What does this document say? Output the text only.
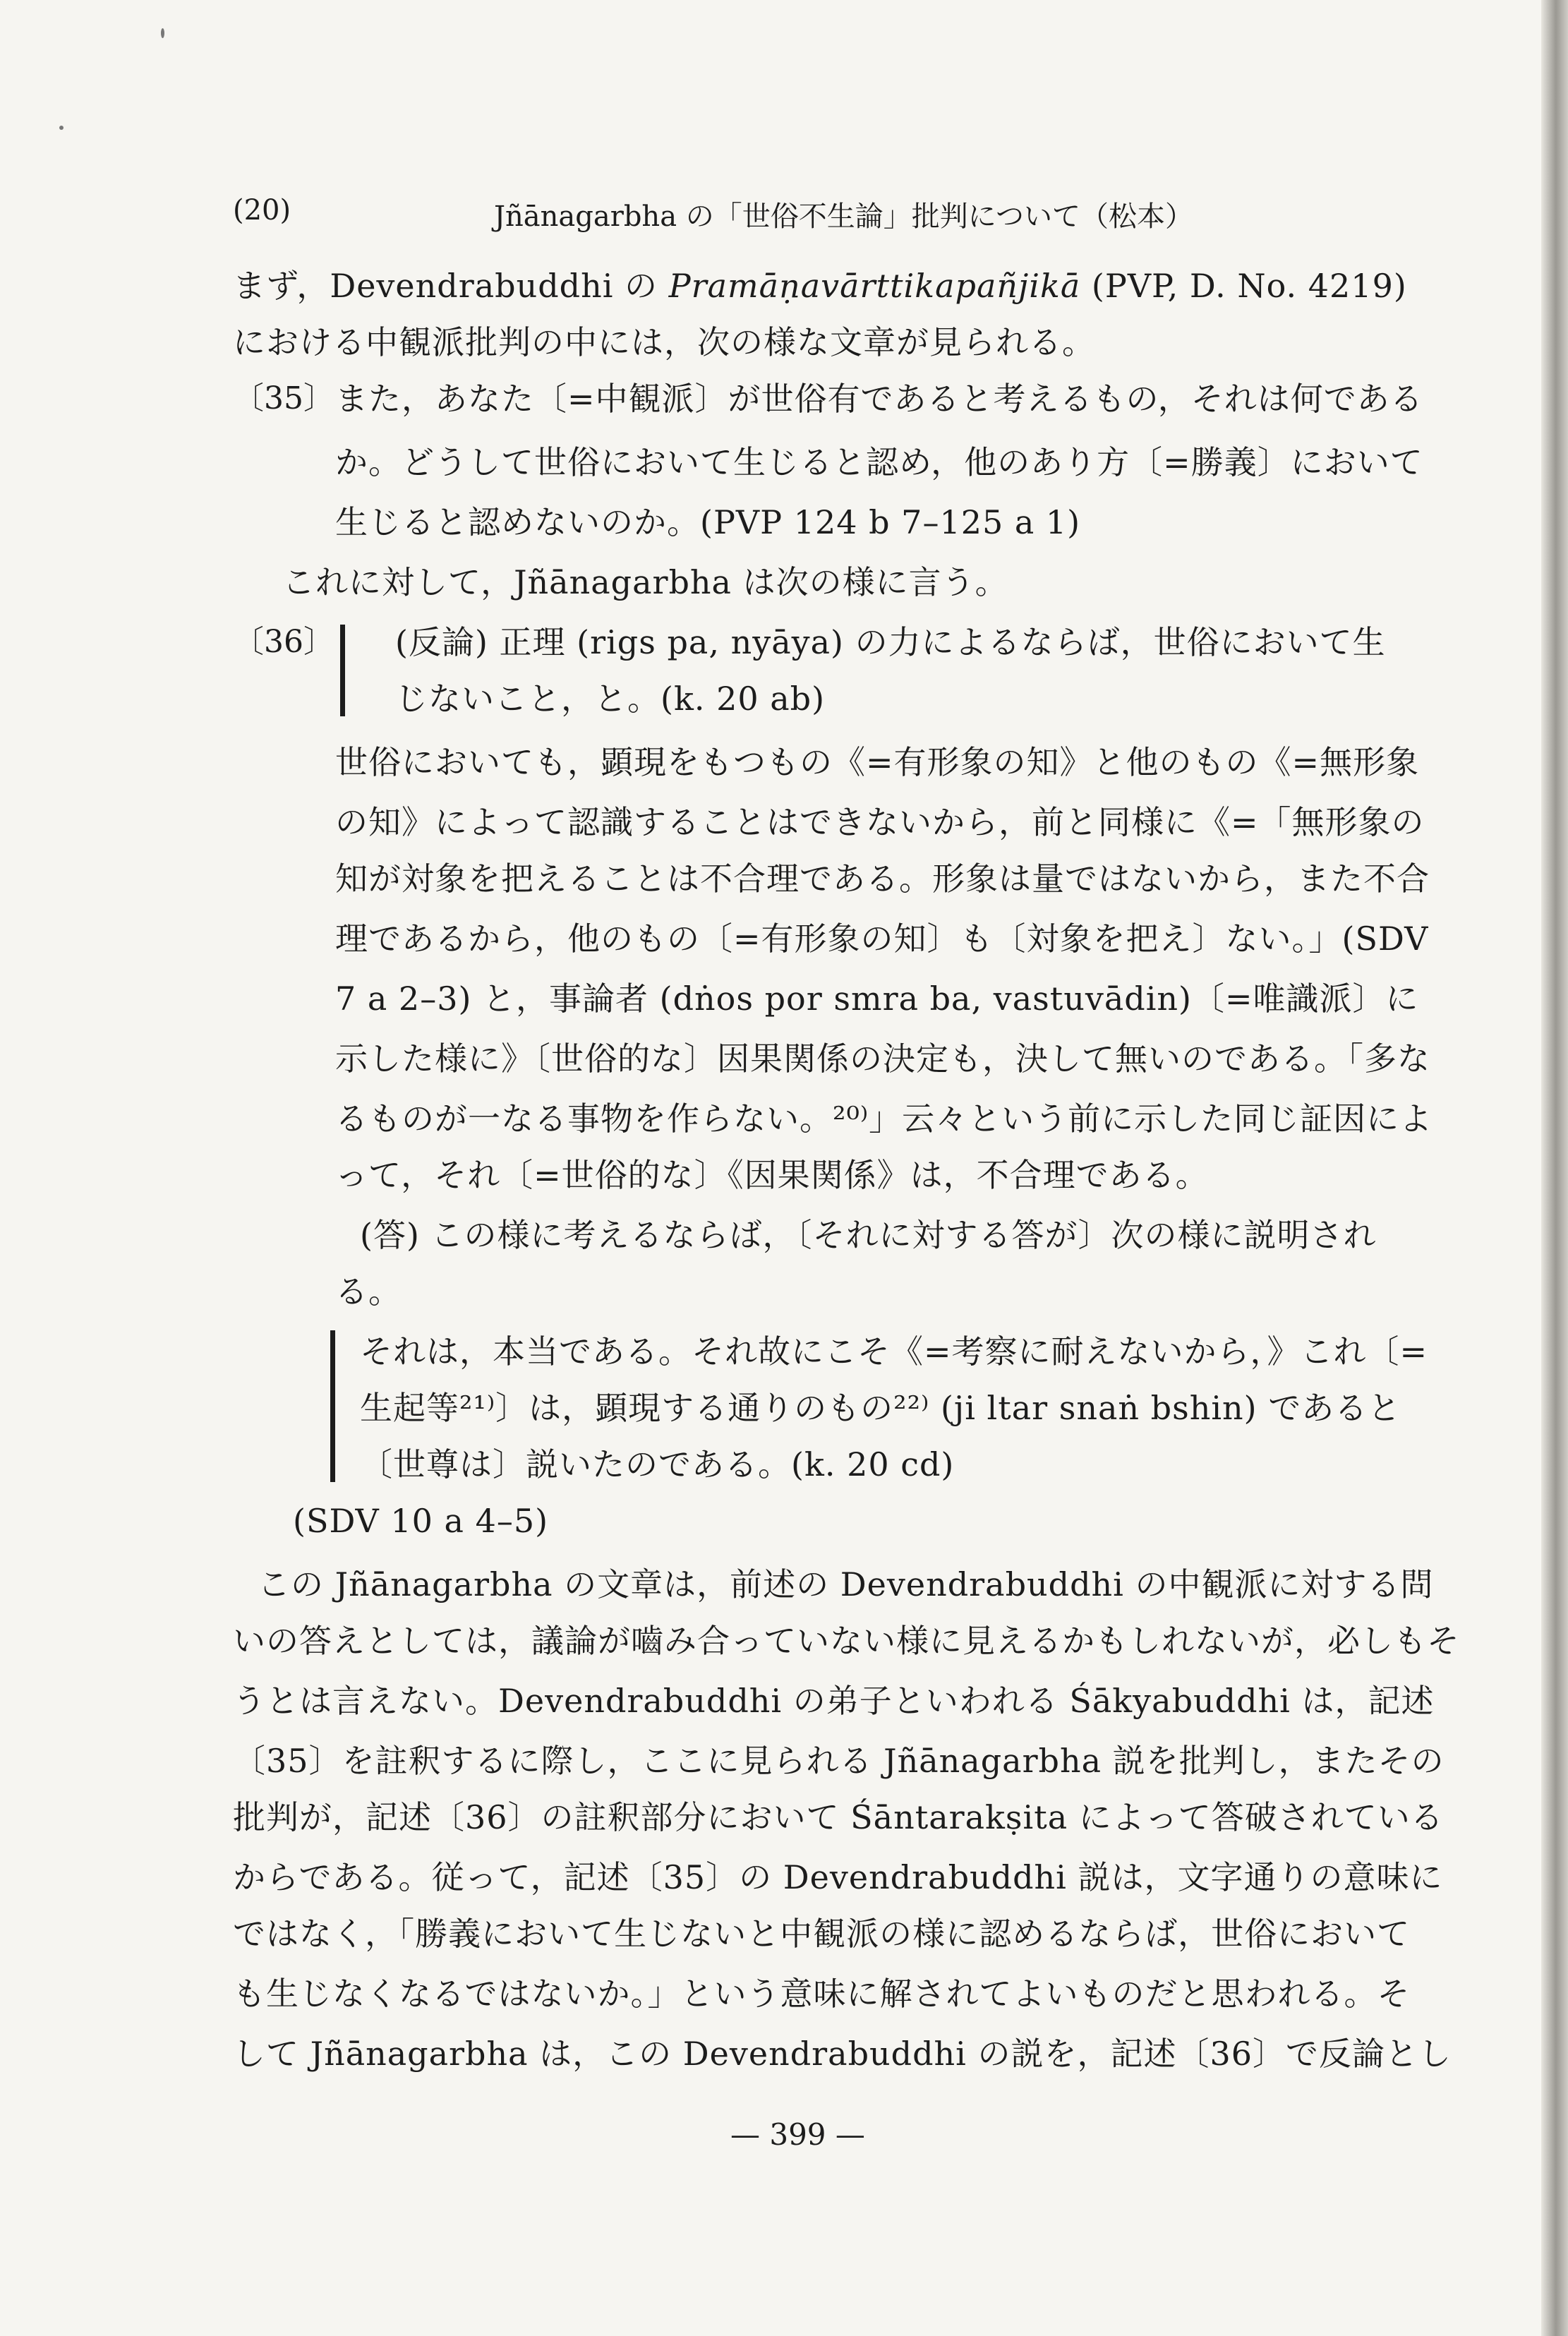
(20)	Jñānagarbha の「世俗不生論」批判について（松本）
まず，Devendrabuddhi の Pramāṇavārttikapañjikā (PVP, D. No. 4219)
における中観派批判の中には，次の様な文章が見られる。
〔35〕 また，あなた〔=中観派〕が世俗有であると考えるもの，それは何である
か。どうして世俗において生じると認め，他のあり方〔=勝義〕において
生じると認めないのか。(PVP 124 b 7–125 a 1)
これに対して，Jñānagarbha は次の様に言う。
〔36〕 (反論) 正理 (rigs pa, nyāya) の力によるならば，世俗において生
じないこと，と。(k. 20 ab)
世俗においても，顕現をもつもの《=有形象の知》と他のもの《=無形象
の知》によって認識することはできないから，前と同様に《=「無形象の
知が対象を把えることは不合理である。形象は量ではないから，また不合
理であるから，他のもの〔=有形象の知〕も〔対象を把え〕ない。」(SDV
7 a 2–3) と，事論者 (dṅos por smra ba, vastuvādin)〔=唯識派〕に
示した様に》〔世俗的な〕因果関係の決定も，決して無いのである。「多な
るものが一なる事物を作らない。²⁰⁾」云々という前に示した同じ証因によ
って，それ〔=世俗的な〕《因果関係》は，不合理である。
(答) この様に考えるならば，〔それに対する答が〕次の様に説明され
る。
それは，本当である。それ故にこそ《=考察に耐えないから，》これ〔=
生起等²¹⁾〕は，顕現する通りのもの²²⁾ (ji ltar snaṅ bshin) であると
〔世尊は〕説いたのである。(k. 20 cd)
(SDV 10 a 4–5)
この Jñānagarbha の文章は，前述の Devendrabuddhi の中観派に対する問
いの答えとしては，議論が嚙み合っていない様に見えるかもしれないが，必しもそ
うとは言えない。Devendrabuddhi の弟子といわれる Śākyabuddhi は，記述
〔35〕を註釈するに際し，ここに見られる Jñānagarbha 説を批判し，またその
批判が，記述〔36〕の註釈部分において Śāntarakṣita によって答破されている
からである。従って，記述〔35〕の Devendrabuddhi 説は，文字通りの意味に
ではなく，「勝義において生じないと中観派の様に認めるならば，世俗において
も生じなくなるではないか。」という意味に解されてよいものだと思われる。そ
して Jñānagarbha は，この Devendrabuddhi の説を，記述〔36〕で反論とし
— 399 —
